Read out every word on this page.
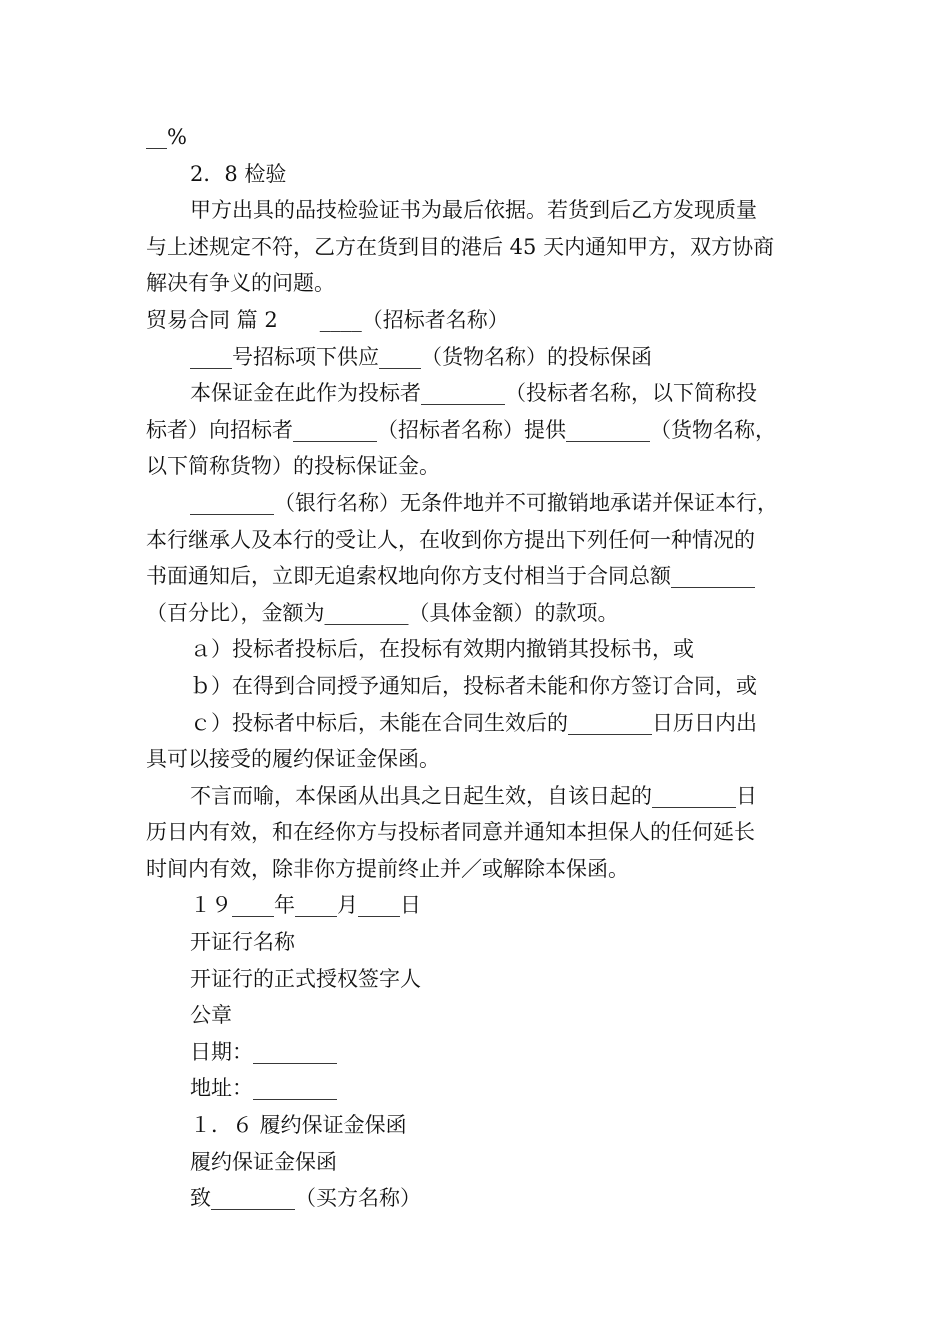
__%
2．8 检验
甲方出具的品技检验证书为最后依据。若货到后乙方发现质量
与上述规定不符，乙方在货到目的港后 45 天内通知甲方，双方协商
解决有争义的问题。
贸易合同 篇 2　　____（招标者名称）
____号招标项下供应____（货物名称）的投标保函
本保证金在此作为投标者________（投标者名称，以下简称投
标者）向招标者________（招标者名称）提供________（货物名称，
以下简称货物）的投标保证金。
________（银行名称）无条件地并不可撤销地承诺并保证本行，
本行继承人及本行的受让人，在收到你方提出下列任何一种情况的
书面通知后，立即无追索权地向你方支付相当于合同总额________
（百分比），金额为________（具体金额）的款项。
ａ）投标者投标后，在投标有效期内撤销其投标书，或
ｂ）在得到合同授予通知后，投标者未能和你方签订合同，或
ｃ）投标者中标后，未能在合同生效后的________日历日内出
具可以接受的履约保证金保函。
不言而喻，本保函从出具之日起生效，自该日起的________日
历日内有效，和在经你方与投标者同意并通知本担保人的任何延长
时间内有效，除非你方提前终止并／或解除本保函。
１９____年____月____日
开证行名称
开证行的正式授权签字人
公章
日期：________
地址：________
１．６ 履约保证金保函
履约保证金保函
致________（买方名称）
